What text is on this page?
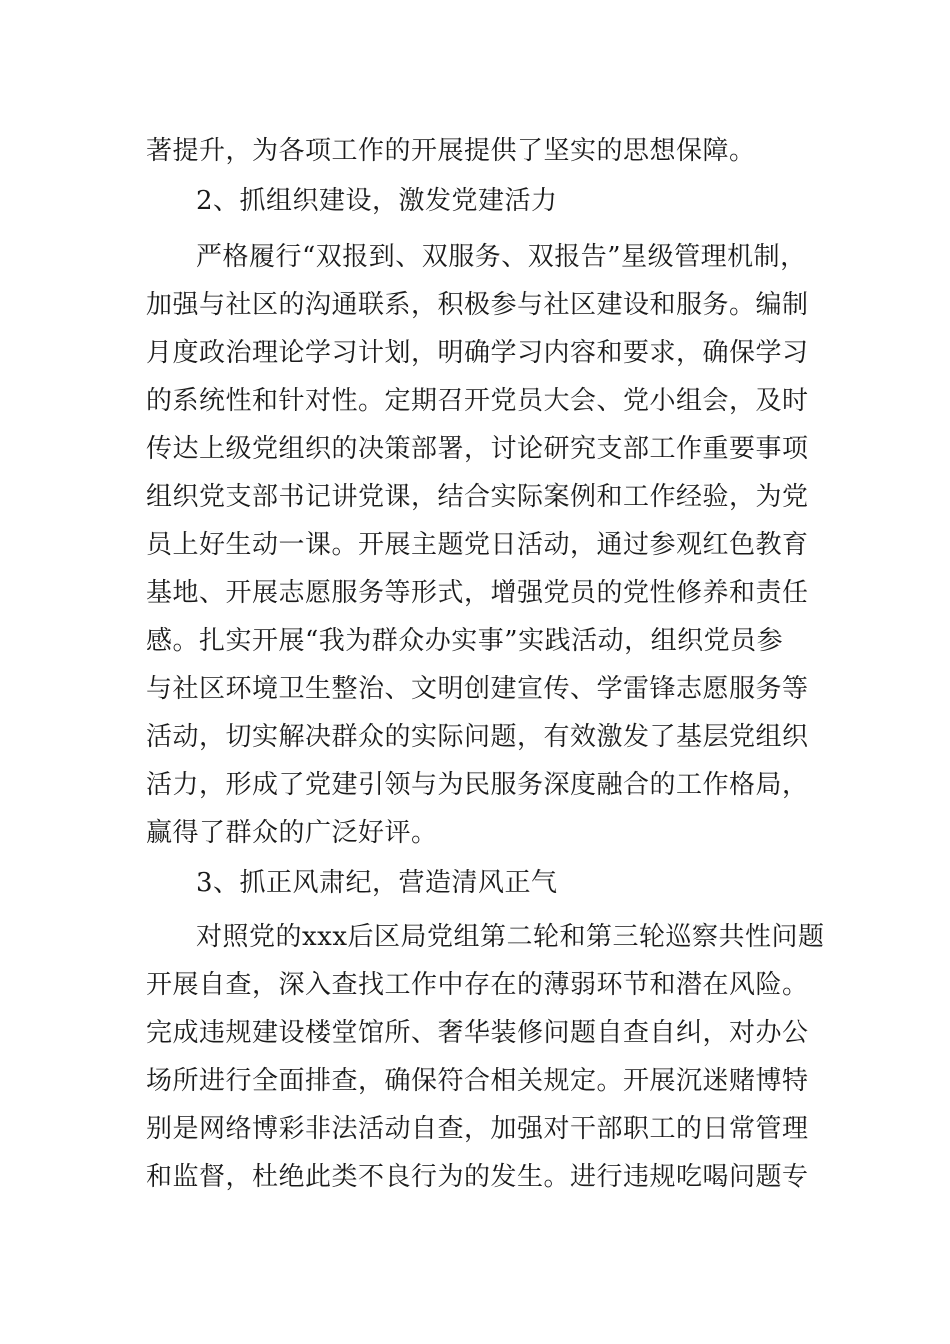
著提升，为各项工作的开展提供了坚实的思想保障。
2、抓组织建设，激发党建活力
严格履行“双报到、双服务、双报告”星级管理机制，
加强与社区的沟通联系，积极参与社区建设和服务。编制
月度政治理论学习计划，明确学习内容和要求，确保学习
的系统性和针对性。定期召开党员大会、党小组会，及时
传达上级党组织的决策部署，讨论研究支部工作重要事项
组织党支部书记讲党课，结合实际案例和工作经验，为党
员上好生动一课。开展主题党日活动，通过参观红色教育
基地、开展志愿服务等形式，增强党员的党性修养和责任
感。扎实开展“我为群众办实事”实践活动，组织党员参
与社区环境卫生整治、文明创建宣传、学雷锋志愿服务等
活动，切实解决群众的实际问题，有效激发了基层党组织
活力，形成了党建引领与为民服务深度融合的工作格局，
赢得了群众的广泛好评。
3、抓正风肃纪，营造清风正气
对照党的xxx后区局党组第二轮和第三轮巡察共性问题
开展自查，深入查找工作中存在的薄弱环节和潜在风险。
完成违规建设楼堂馆所、奢华装修问题自查自纠，对办公
场所进行全面排查，确保符合相关规定。开展沉迷赌博特
别是网络博彩非法活动自查，加强对干部职工的日常管理
和监督，杜绝此类不良行为的发生。进行违规吃喝问题专
